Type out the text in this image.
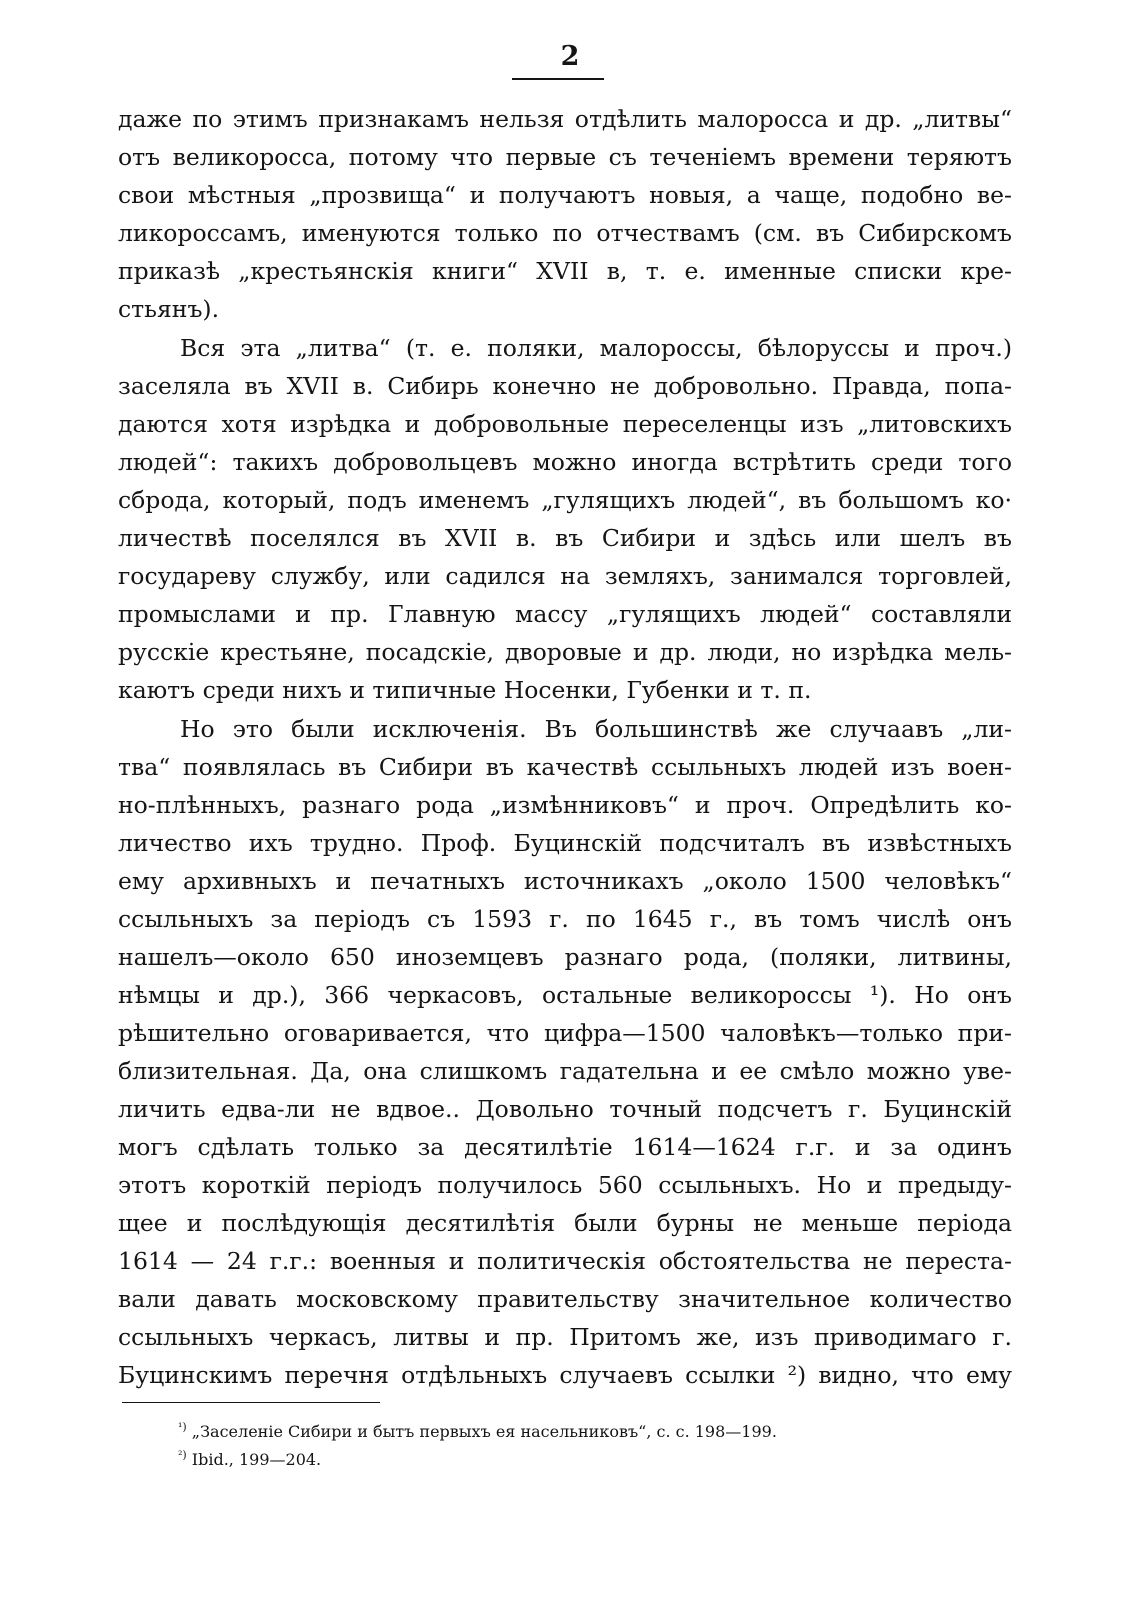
2
даже по этимъ признакамъ нельзя отдѣлить малоросса и др. „литвы“
отъ великоросса, потому что первые съ теченіемъ времени теряютъ
свои мѣстныя „прозвища“ и получаютъ новыя, а чаще, подобно ве-
ликороссамъ, именуются только по отчествамъ (см. въ Сибирскомъ
приказѣ „крестьянскія книги“ XVII в, т. е. именные списки кре-
стьянъ).
Вся эта „литва“ (т. е. поляки, малороссы, бѣлоруссы и проч.)
заселяла въ XVII в. Сибирь конечно не добровольно. Правда, попа-
даются хотя изрѣдка и добровольные переселенцы изъ „литовскихъ
людей“: такихъ добровольцевъ можно иногда встрѣтить среди того
сброда, который, подъ именемъ „гулящихъ людей“, въ большомъ ко·
личествѣ поселялся въ XVII в. въ Сибири и здѣсь или шелъ въ
государеву службу, или садился на земляхъ, занимался торговлей,
промыслами и пр. Главную массу „гулящихъ людей“ составляли
русскіе крестьяне, посадскіе, дворовые и др. люди, но изрѣдка мель-
каютъ среди нихъ и типичные Носенки, Губенки и т. п.
Но это были исключенія. Въ большинствѣ же случаавъ „ли-
тва“ появлялась въ Сибири въ качествѣ ссыльныхъ людей изъ воен-
но-плѣнныхъ, разнаго рода „измѣнниковъ“ и проч. Опредѣлить ко-
личество ихъ трудно. Проф. Буцинскій подсчиталъ въ извѣстныхъ
ему архивныхъ и печатныхъ источникахъ „около 1500 человѣкъ“
ссыльныхъ за періодъ съ 1593 г. по 1645 г., въ томъ числѣ онъ
нашелъ—около 650 иноземцевъ разнаго рода, (поляки, литвины,
нѣмцы и др.), 366 черкасовъ, остальные великороссы ¹). Но онъ
рѣшительно оговаривается, что цифра—1500 чаловѣкъ—только при-
близительная. Да, она слишкомъ гадательна и ее смѣло можно уве-
личить едва-ли не вдвое.. Довольно точный подсчетъ г. Буцинскій
могъ сдѣлать только за десятилѣтіе 1614—1624 г.г. и за одинъ
этотъ короткій періодъ получилось 560 ссыльныхъ. Но и предыду-
щее и послѣдующія десятилѣтія были бурны не меньше періода
1614 — 24 г.г.: военныя и политическія обстоятельства не переста-
вали давать московскому правительству значительное количество
ссыльныхъ черкасъ, литвы и пр. Притомъ же, изъ приводимаго г.
Буцинскимъ перечня отдѣльныхъ случаевъ ссылки ²) видно, что ему
$^{^1)}$ „Заселеніе Сибири и бытъ первыхъ ея насельниковъ“, с. с. 198—199.
$^{^2)}$ Ibid., 199—204.
